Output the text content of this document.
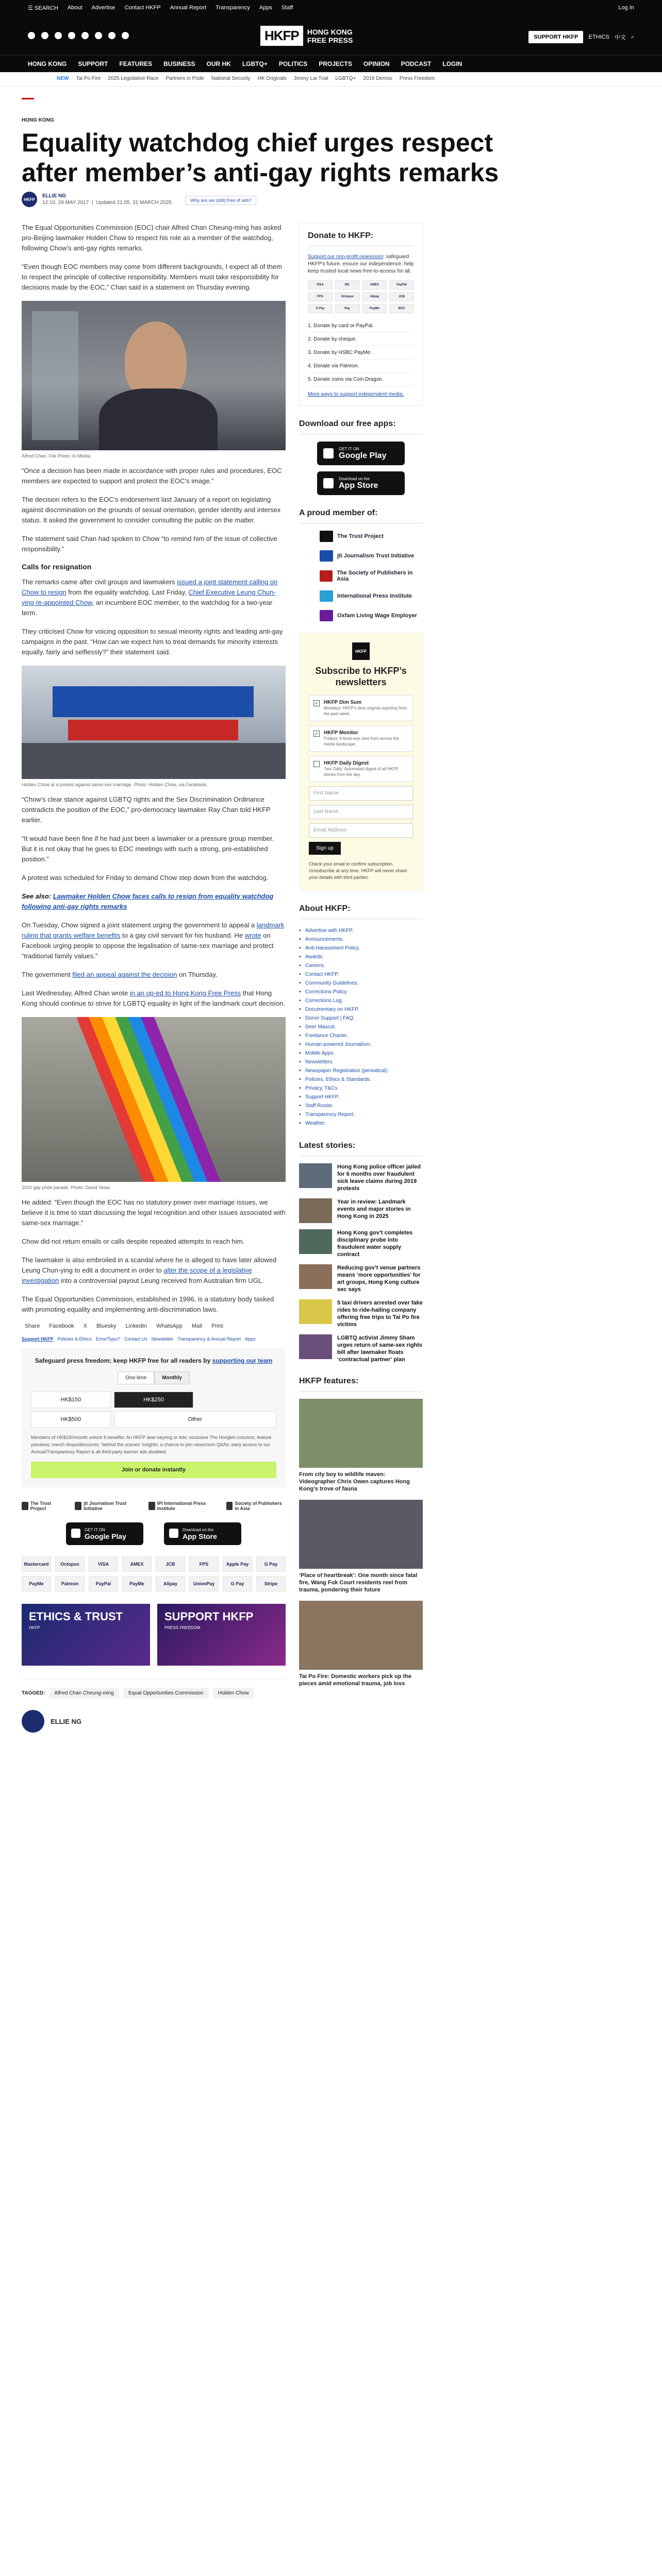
☰ SEARCH About Advertise Contact HKFP Annual Report Transparency Apps Staff	Log In
HKFP	HONG KONG
FREE PRESS	SUPPORT HKFP	ETHICS 中文 ⌕
HONG KONG SUPPORT FEATURES BUSINESS OUR HK LGBTQ+ POLITICS PROJECTS OPINION PODCAST LOGIN
NEW Tai Po Fire 2025 Legislative Race Partners in Pride National Security HK Originals Jimmy Lai Trial LGBTQ+ 2019 Demos Press Freedom
HONG KONG
Equality watchdog chief urges respect after member’s anti-gay rights remarks
HKFP
ELLIE NG
12:10, 29 MAY 2017  |  Updated 21:05, 31 MARCH 2025	Why are we (still) free of ads?

The Equal Opportunities Commission (EOC) chair Alfred Chan Cheung-ming has asked pro-Beijing lawmaker Holden Chow to respect his role as a member of the watchdog, following Chow’s anti-gay rights remarks.

“Even though EOC members may come from different backgrounds, I expect all of them to respect the principle of collective responsibility. Members must take responsibility for decisions made by the EOC,” Chan said in a statement on Thursday evening.

Alfred Chan. File Photo: In-Media.

“Once a decision has been made in accordance with proper rules and procedures, EOC members are expected to support and protect the EOC’s image.”

The decision refers to the EOC’s endorsement last January of a report on legislating against discrimination on the grounds of sexual orientation, gender identity and intersex status. It asked the government to consider consulting the public on the matter.

The statement said Chan had spoken to Chow “to remind him of the issue of collective responsibility.”

Calls for resignation

The remarks came after civil groups and lawmakers issued a joint statement calling on Chow to resign from the equality watchdog. Last Friday, Chief Executive Leung Chun-ying re-appointed Chow, an incumbent EOC member, to the watchdog for a two-year term.

They criticised Chow for voicing opposition to sexual minority rights and leading anti-gay campaigns in the past. “How can we expect him to treat demands for minority interests equally, fairly and selflessly?” their statement said.

Holden Chow at a protest against same-sex marriage. Photo: Holden Chow, via Facebook.

“Chow’s clear stance against LGBTQ rights and the Sex Discrimination Ordinance contradicts the position of the EOC,” pro-democracy lawmaker Ray Chan told HKFP earlier.

“It would have been fine if he had just been a lawmaker or a pressure group member. But it is not okay that he goes to EOC meetings with such a strong, pre-established position.”

A protest was scheduled for Friday to demand Chow step down from the watchdog.

See also: Lawmaker Holden Chow faces calls to resign from equality watchdog following anti-gay rights remarks

On Tuesday, Chow signed a joint statement urging the government to appeal a landmark ruling that grants welfare benefits to a gay civil servant for his husband. He wrote on Facebook urging people to oppose the legalisation of same-sex marriage and protect “traditional family values.”

The government filed an appeal against the decision on Thursday.

Last Wednesday, Alfred Chan wrote in an op-ed to Hong Kong Free Press that Hong Kong should continue to strive for LGBTQ equality in light of the landmark court decision.

2015 gay pride parade. Photo: David Yeow.

He added: “Even though the EOC has no statutory power over marriage issues, we believe it is time to start discussing the legal recognition and other issues associated with same-sex marriage.”

Chow did not return emails or calls despite repeated attempts to reach him.

The lawmaker is also embroiled in a scandal where he is alleged to have later allowed Leung Chun-ying to edit a document in order to alter the scope of a legislative investigation into a controversial payout Leung received from Australian firm UGL.

The Equal Opportunities Commission, established in 1996, is a statutory body tasked with promoting equality and implementing anti-discrimination laws.

Share Facebook X Bluesky LinkedIn WhatsApp Mail Print
Support HKFP Policies & Ethics Error/Typo? Contact Us Newsletter Transparency & Annual Report Apps
Safeguard press freedom; keep HKFP free for all readers by supporting our team
One-time	Monthly
HK$150	HK$250
HK$500	Other
Members of HK$150/month unlock 6 benefits: An HKFP deer keyring or tote; exclusive The Hongkin columns; feature previews; merch drops/discounts; 'behind the scenes' insights; a chance to join newsroom Q&As; early access to our Annual/Transparency Report & all third-party banner ads disabled.
Join or donate instantly
The Trust Project
jti Journalism Trust Initiative
IPI International Press Institute
Society of Publishers in Asia
GET IT ON
Google Play
Download on the
App Store
Mastercard	Octopus	VISA	AMEX	JCB	FPS	Apple Pay	G Pay
PayMe	Patreon	PayPal	PayMe	Alipay	UnionPay	G Pay	Stripe
ETHICS & TRUST
HKFP
SUPPORT HKFP
PRESS FREEDOM
TAGGED:	Alfred Chan Cheung-ming	Equal Opportunities Commission	Holden Chow
ELLIE NG
Donate to HKFP:

Support our non-profit newsroom: safeguard HKFP's future, ensure our independence, help keep trusted local news free-to-access for all.

VISA	MC	AMEX	PayPal
FPS	Octopus	Alipay	JCB
G Pay	Pay	PayMe	BOC
1. Donate by card or PayPal.
2. Donate by cheque.
3. Donate by HSBC PayMe.
4. Donate via Patreon.
5. Donate coins via Coin Dragon.
More ways to support independent media.
Download our free apps:
GET IT ON
Google Play
Download on the
App Store
A proud member of:
The Trust Project
jti Journalism Trust Initiative
The Society of Publishers in Asia
International Press Institute
Oxfam Living Wage Employer
HKFP
Subscribe to HKFP’s newsletters
✓ HKFP Dim Sum
Mondays: HKFP's best original reporting from the past week.
✓ HKFP Monitor
Fridays: A birds-eye view from across the media landscape.
HKFP Daily Digest
7am Daily: Automated digest of all HKFP stories from the day.
First Name
Last Name
Email Address
Sign up
Check your email to confirm subscription. Unsubscribe at any time. HKFP will never share your details with third parties.
About HKFP:
• Advertise with HKFP.
• Announcements.
• Anti-Harassment Policy.
• Awards.
• Careers.
• Contact HKFP.
• Community Guidelines.
• Corrections Policy.
• Corrections Log.
• Documentary on HKFP.
• Donor Support | FAQ.
• Deer Mascot.
• Freelance Charter.
• Human-powered Journalism.
• Mobile Apps.
• Newsletters.
• Newspaper Registration (periodical).
• Policies, Ethics & Standards.
• Privacy, T&Cs.
• Support HKFP.
• Staff Roster.
• Transparency Report.
• Weather.
Latest stories:
Hong Kong police officer jailed for 6 months over fraudulent sick leave claims during 2019 protests
Year in review: Landmark events and major stories in Hong Kong in 2025
Hong Kong gov’t completes disciplinary probe into fraudulent water supply contract
Reducing gov’t venue partners means ‘more opportunities’ for art groups, Hong Kong culture sec says
5 taxi drivers arrested over fake rides to ride-hailing company offering free trips to Tai Po fire victims
LGBTQ activist Jimmy Sham urges return of same-sex rights bill after lawmaker floats ‘contractual partner’ plan
HKFP features:
From city boy to wildlife maven: Videographer Chris Owen captures Hong Kong’s trove of fauna
‘Place of heartbreak’: One month since fatal fire, Wang Fuk Court residents reel from trauma, pondering their future
Tai Po Fire: Domestic workers pick up the pieces amid emotional trauma, job loss
